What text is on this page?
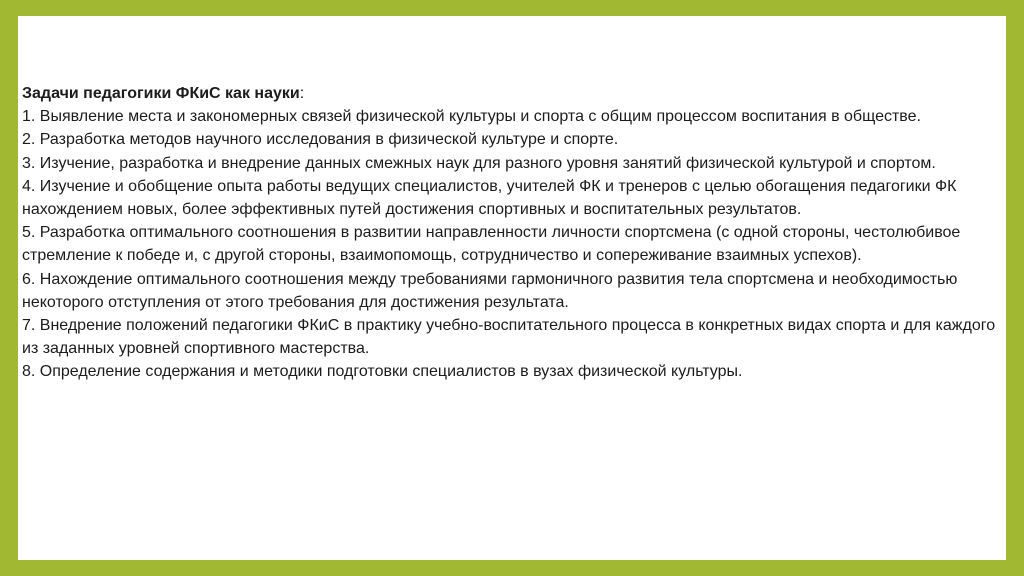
Задачи педагогики ФКиС как науки:

1. Выявление места и закономерных связей физической культуры и спорта с общим процессом воспитания в обществе.

2. Разработка методов научного исследования в физической культуре и спорте.

3. Изучение, разработка и внедрение данных смежных наук для разного уровня занятий физической культурой и спортом.

4. Изучение и обобщение опыта работы ведущих специалистов, учителей ФК и тренеров с целью обогащения педагогики ФК нахождением новых, более эффективных путей достижения спортивных и воспитательных результатов.

5. Разработка оптимального соотношения в развитии направленности личности спортсмена (с одной стороны, честолюбивое стремление к победе и, с другой стороны, взаимопомощь, сотрудничество и сопереживание взаимных успехов).

6. Нахождение оптимального соотношения между требованиями гармоничного развития тела спортсмена и необходимостью некоторого отступления от этого требования для достижения результата.

7. Внедрение положений педагогики ФКиС в практику учебно-воспитательного процесса в конкретных видах спорта и для каждого из заданных уровней спортивного мастерства.

8. Определение содержания и методики подготовки специалистов в вузах физической культуры.
